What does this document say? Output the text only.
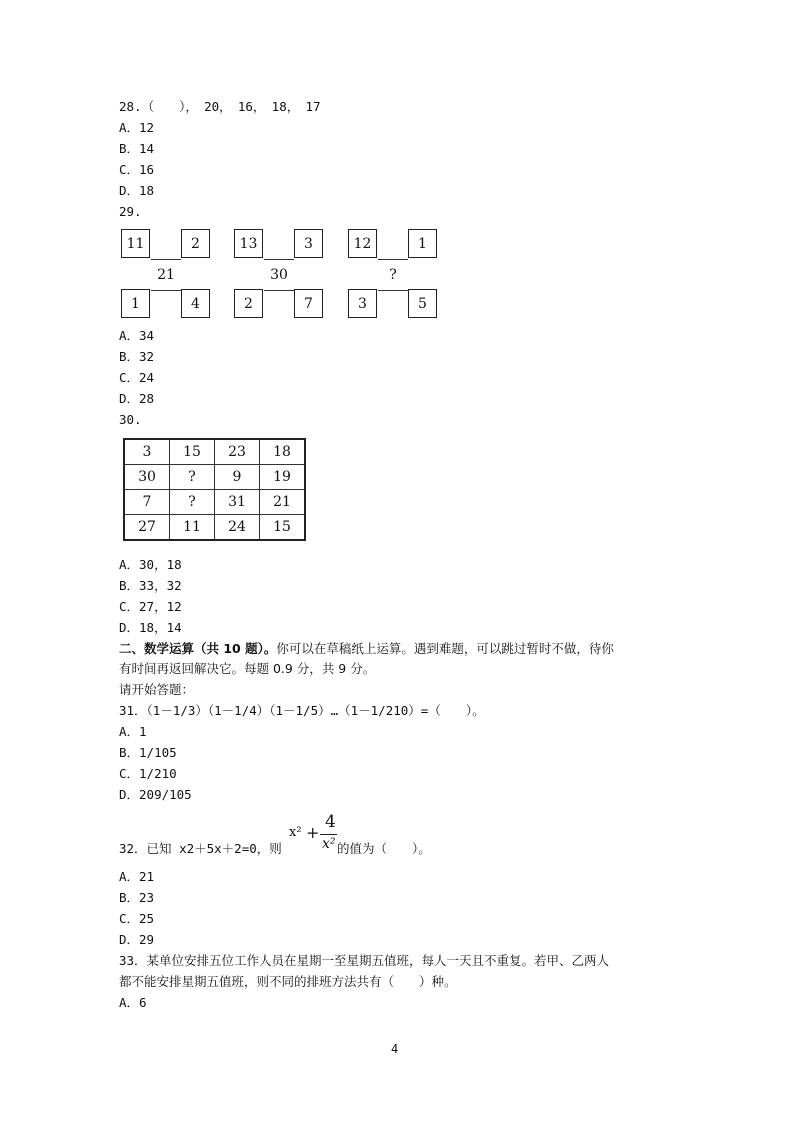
28.（　　），　20，　16，　18，　17
A．12
B．14
C．16
D．18
29.
11	2
21
1	4
13	3
30
2	7
12	1
?
3	5
A．34
B．32
C．24
D．28
30.
3	15	23	18
30	?	9	19
7	?	31	21
27	11	24	15
A．30，18
B．33，32
C．27，12
D．18，14
二、数学运算（共 10 题）。你可以在草稿纸上运算。遇到难题，可以跳过暂时不做，待你
有时间再返回解决它。每题 0.9 分，共 9 分。
请开始答题：
31．（1－1/3）（1－1/4）（1－1/5）…（1－1/210）=（　　）。
A．1
B．1/105
C．1/210
D．209/105
32．已知 x2＋5x＋2=0，则
x² +
4
x² 的值为（　　）。
A．21
B．23
C．25
D．29
33．某单位安排五位工作人员在星期一至星期五值班，每人一天且不重复。若甲、乙两人
都不能安排星期五值班，则不同的排班方法共有（　　）种。
A．6
4
